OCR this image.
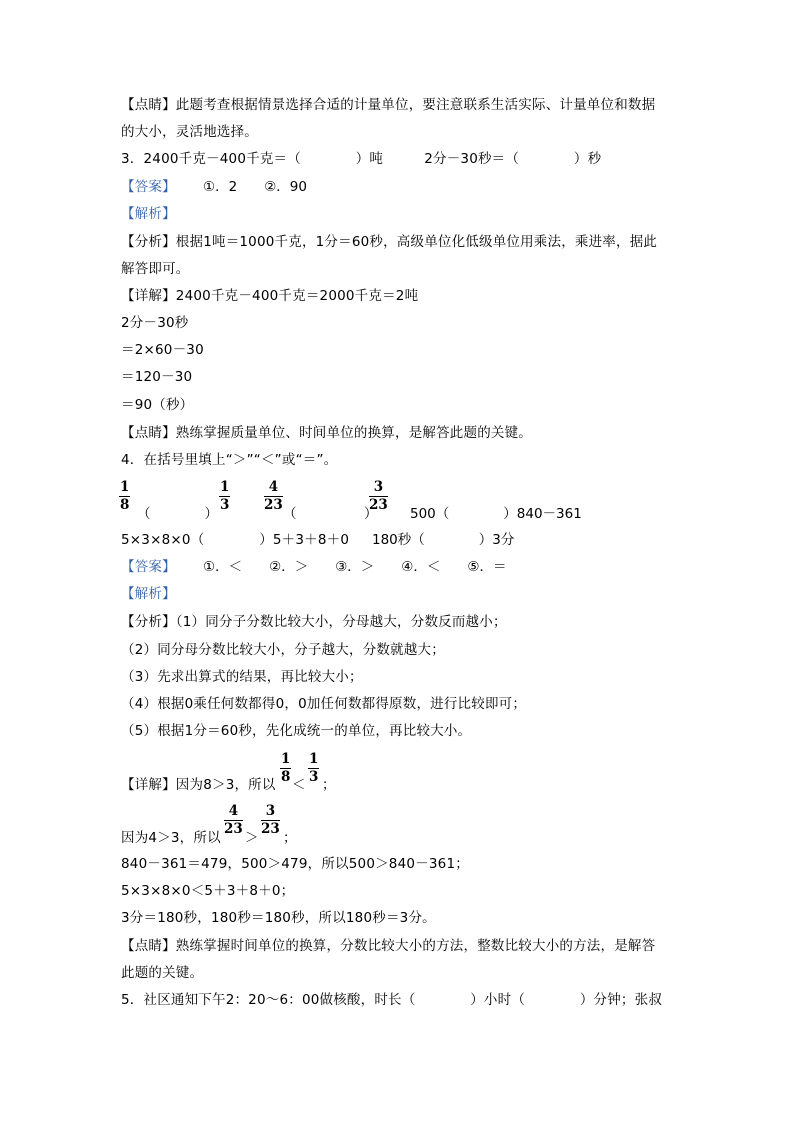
【点睛】此题考查根据情景选择合适的计量单位，要注意联系生活实际、计量单位和数据
的大小，灵活地选择。
3．2400千克－400千克＝（　　　　）吨　　　2分－30秒＝（　　　　）秒
【答案】 ①．2　　②．90
【解析】
【分析】根据1吨＝1000千克，1分＝60秒，高级单位化低级单位用乘法，乘进率，据此
解答即可。
【详解】2400千克－400千克＝2000千克＝2吨
2分－30秒
＝2×60－30
＝120－30
＝90（秒）
【点睛】熟练掌握质量单位、时间单位的换算，是解答此题的关键。
4．在括号里填上“＞”“＜”或“＝”。
1
8
（　　　　）
1
3
4
23
（　　　　　）
3
23
500（　　　　）840－361
5×3×8×0（　　　　）5＋3＋8＋0 180秒（　　　　）3分
【答案】 ①．＜　　②．＞　　③．＞　　④．＜　　⑤．＝
【解析】
【分析】（1）同分子分数比较大小，分母越大，分数反而越小；
（2）同分母分数比较大小，分子越大，分数就越大；
（3）先求出算式的结果，再比较大小；
（4）根据0乘任何数都得0，0加任何数都得原数，进行比较即可；
（5）根据1分＝60秒，先化成统一的单位，再比较大小。
【详解】因为8＞3，所以
1
8 ＜
1
3 ；
因为4＞3，所以
4
23
＞
3
23
；
840－361＝479，500＞479，所以500＞840－361；
5×3×8×0＜5＋3＋8＋0；
3分＝180秒，180秒＝180秒，所以180秒＝3分。
【点睛】熟练掌握时间单位的换算，分数比较大小的方法，整数比较大小的方法，是解答
此题的关键。
5．社区通知下午2：20～6：00做核酸，时长（　　　　）小时（　　　　）分钟；张叔
